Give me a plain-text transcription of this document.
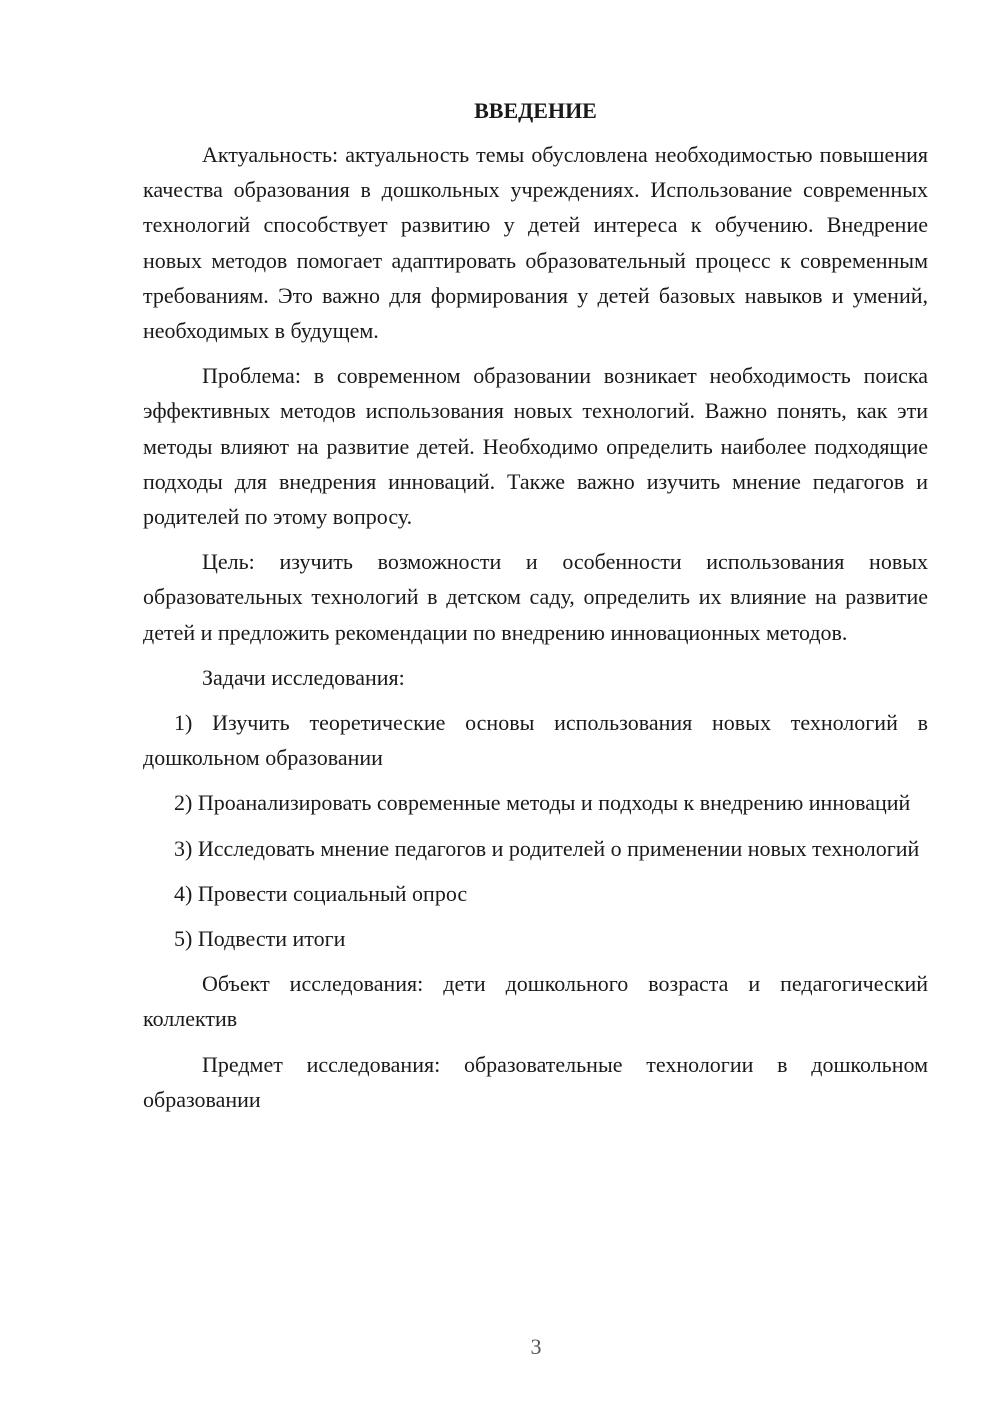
ВВЕДЕНИЕ

Актуальность: актуальность темы обусловлена необходимостью повышения качества образования в дошкольных учреждениях. Использование современных технологий способствует развитию у детей интереса к обучению. Внедрение новых методов помогает адаптировать образовательный процесс к современным требованиям. Это важно для формирования у детей базовых навыков и умений, необходимых в будущем.

Проблема: в современном образовании возникает необходимость поиска эффективных методов использования новых технологий. Важно понять, как эти методы влияют на развитие детей. Необходимо определить наиболее подходящие подходы для внедрения инноваций. Также важно изучить мнение педагогов и родителей по этому вопросу.

Цель: изучить возможности и особенности использования новых образовательных технологий в детском саду, определить их влияние на развитие детей и предложить рекомендации по внедрению инновационных методов.

Задачи исследования:

1) Изучить теоретические основы использования новых технологий в дошкольном образовании

2) Проанализировать современные методы и подходы к внедрению инноваций

3) Исследовать мнение педагогов и родителей о применении новых технологий

4) Провести социальный опрос

5) Подвести итоги

Объект исследования: дети дошкольного возраста и педагогический коллектив

Предмет исследования: образовательные технологии в дошкольном образовании

3
